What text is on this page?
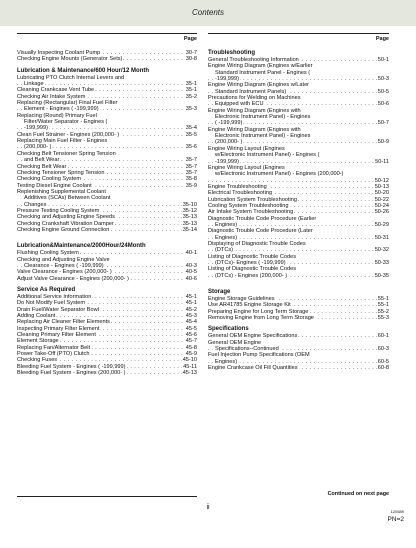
Contents
Page
Visually Inspecting Coolant Pump	30-7
. . .
Checking Engine Mounts (Generator Sets)	30-8
. . .
Lubrication & Maintenance/600 Hour/12 Month
Lubricating PTO Clutch Internal Levers and
Linkage	35-1
. . .
Cleaning Crankcase Vent Tube	35-1
. . .
Checking Air Intake System	35-2
. . .
Replacing (Rectangular) Final Fuel Filter
Element - Engines ( -199,999)	35-3
. . .
Replacing (Round) Primary Fuel
Filter/Water Separator - Engines (
-199,999)	35-4
. . .
Clean Fuel Strainer - Engines (200,000- )	35-5
. . .
Replacing Main Fuel Filter - Engines
(200,000- )	35-6
. . .
Checking Belt Tensioner Spring Tension
and Belt Wear	35-7
. . .
Checking Belt Wear	35-7
. . .
Checking Tensioner Spring Tension	35-7
. . .
Checking Cooling System	35-8
. . .
Testing Diesel Engine Coolant	35-9
. . .
Replenishing Supplemental Coolant
Additives (SCAs) Between Coolant
Changes	35-10
. . .
Pressure Testing Cooling System	35-12
. . .
Checking and Adjusting Engine Speeds	35-13
. . .
Checking Crankshaft Vibration Damper	35-13
. . .
Checking Engine Ground Connection	35-14
. . .
Lubrication&Maintenance/2000Hour/24Month
Flushing Cooling System	40-1
. . .
Checking and Adjusting Engine Valve
Clearance - Engines ( -199,999)	40-3
. . .
Valve Clearance - Engines (200,000- )	40-5
. . .
Adjust Valve Clearance - Engines (200,000- )	40-6
. . .
Service As Required
Additional Service Information	45-1
. . .
Do Not Modify Fuel System	45-1
. . .
Drain Fuel/Water Separator Bowl	45-2
. . .
Adding Coolant	45-3
. . .
Replacing Air Cleaner Filter Elements	45-4
. . .
Inspecting Primary Filter Element	45-5
. . .
Cleaning Primary Filter Element	45-6
. . .
Element Storage	45-7
. . .
Replacing Fan/Alternator Belt	45-8
. . .
Power Take-Off (PTO) Clutch	45-9
. . .
Checking Fuses	45-10
. . .
Bleeding Fuel System - Engines ( -199,999)	45-11
. . .
Bleeding Fuel System - Engines (200,000- )	45-13
. . .
Page
Troubleshooting
General Troubleshooting Information	50-1
. . .
Engine Wiring Diagram (Engines w/Earlier
Standard Instrument Panel - Engines (
-199,999)	50-3
. . .
Engine Wiring Diagram (Engines w/Later
Standard Instrument Panels)	50-5
. . .
Precautions for Welding on Machines
Equipped with ECU	50-6
. . .
Engine Wiring Diagram (Engines with
Electronic Instrument Panel) - Engines
( -199,999)	50-7
. . .
Engine Wiring Diagram (Engines with
Electronic Instrument Panel) - Engines
(200,000- )	50-9
. . .
Engine Wiring Layout (Engines
w/Electronic Instrument Panel) - Engines (
-199,999)	50-11
. . .
Engine Wiring Layout (Engines
w/Electronic Instrument Panel) - Engines (200,000-)
50-12
. . .
Engine Troubleshooting	50-13
. . .
Electrical Troubleshooting	50-20
. . .
Lubrication System Troubleshooting	50-22
. . .
Cooling System Troubleshooting	50-24
. . .
Air Intake System Troubleshooting	50-26
. . .
Diagnostic Trouble Code Procedure (Earlier
Engines)	50-29
. . .
Diagnostic Trouble Code Procedure (Later
Engines)	50-31
. . .
Displaying of Diagnostic Trouble Codes
(DTCs)	50-32
. . .
Listing of Diagnostic Trouble Codes
(DTCs)- Engines ( -199,999)	50-33
. . .
Listing of Diagnostic Trouble Codes
(DTCs) - Engines (200,000- )	50-35
. . .
Storage
Engine Storage Guidelines	55-1
. . .
Use AR41785 Engine Storage Kit	55-1
. . .
Preparing Engine for Long Term Storage	55-2
. . .
Removing Engine from Long Term Storage	55-3
. . .
Specifications
General OEM Engine Specifications	60-1
. . .
General OEM Engine
Specifications--Continued	60-3
. . .
Fuel Injection Pump Specifications (OEM
Engines)	60-5
. . .
Engine Crankcase Oil Fill Quantities	60-8
. . .
Continued on next page
ii
120589
PN=2
